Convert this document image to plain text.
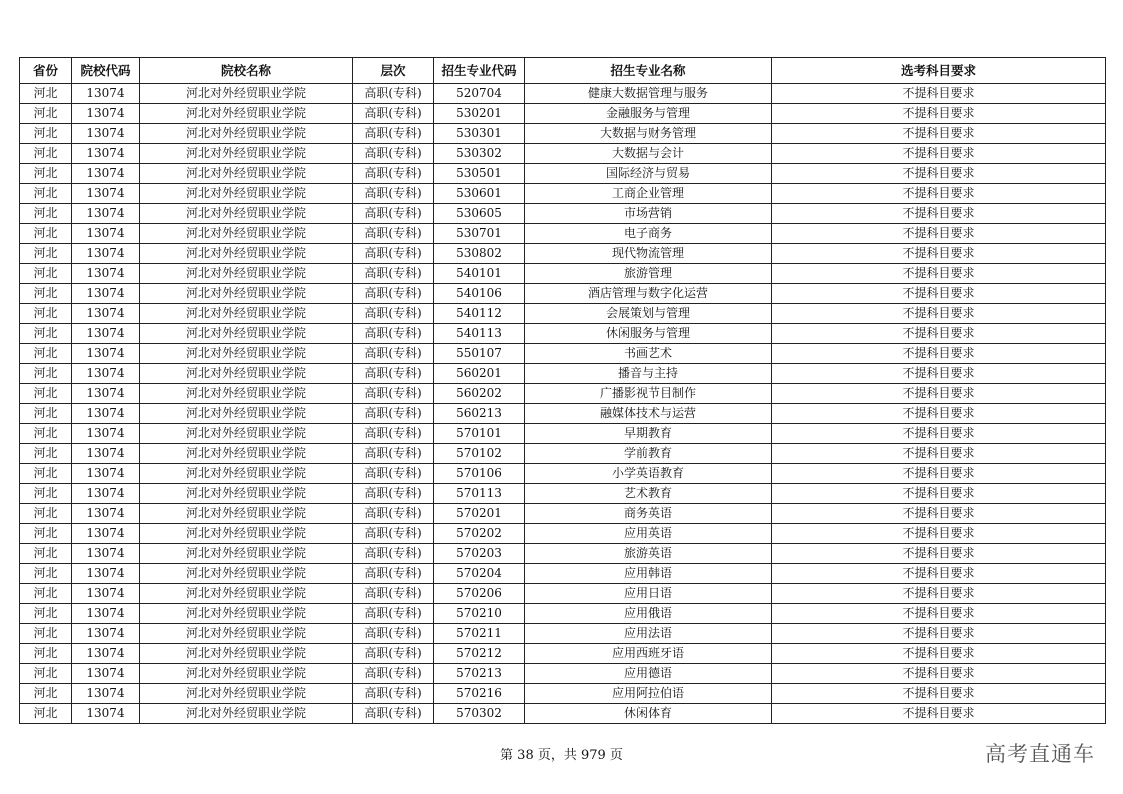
省份	院校代码	院校名称	层次	招生专业代码	招生专业名称	选考科目要求
河北	13074	河北对外经贸职业学院	高职(专科)	520704	健康大数据管理与服务	不提科目要求
河北	13074	河北对外经贸职业学院	高职(专科)	530201	金融服务与管理	不提科目要求
河北	13074	河北对外经贸职业学院	高职(专科)	530301	大数据与财务管理	不提科目要求
河北	13074	河北对外经贸职业学院	高职(专科)	530302	大数据与会计	不提科目要求
河北	13074	河北对外经贸职业学院	高职(专科)	530501	国际经济与贸易	不提科目要求
河北	13074	河北对外经贸职业学院	高职(专科)	530601	工商企业管理	不提科目要求
河北	13074	河北对外经贸职业学院	高职(专科)	530605	市场营销	不提科目要求
河北	13074	河北对外经贸职业学院	高职(专科)	530701	电子商务	不提科目要求
河北	13074	河北对外经贸职业学院	高职(专科)	530802	现代物流管理	不提科目要求
河北	13074	河北对外经贸职业学院	高职(专科)	540101	旅游管理	不提科目要求
河北	13074	河北对外经贸职业学院	高职(专科)	540106	酒店管理与数字化运营	不提科目要求
河北	13074	河北对外经贸职业学院	高职(专科)	540112	会展策划与管理	不提科目要求
河北	13074	河北对外经贸职业学院	高职(专科)	540113	休闲服务与管理	不提科目要求
河北	13074	河北对外经贸职业学院	高职(专科)	550107	书画艺术	不提科目要求
河北	13074	河北对外经贸职业学院	高职(专科)	560201	播音与主持	不提科目要求
河北	13074	河北对外经贸职业学院	高职(专科)	560202	广播影视节目制作	不提科目要求
河北	13074	河北对外经贸职业学院	高职(专科)	560213	融媒体技术与运营	不提科目要求
河北	13074	河北对外经贸职业学院	高职(专科)	570101	早期教育	不提科目要求
河北	13074	河北对外经贸职业学院	高职(专科)	570102	学前教育	不提科目要求
河北	13074	河北对外经贸职业学院	高职(专科)	570106	小学英语教育	不提科目要求
河北	13074	河北对外经贸职业学院	高职(专科)	570113	艺术教育	不提科目要求
河北	13074	河北对外经贸职业学院	高职(专科)	570201	商务英语	不提科目要求
河北	13074	河北对外经贸职业学院	高职(专科)	570202	应用英语	不提科目要求
河北	13074	河北对外经贸职业学院	高职(专科)	570203	旅游英语	不提科目要求
河北	13074	河北对外经贸职业学院	高职(专科)	570204	应用韩语	不提科目要求
河北	13074	河北对外经贸职业学院	高职(专科)	570206	应用日语	不提科目要求
河北	13074	河北对外经贸职业学院	高职(专科)	570210	应用俄语	不提科目要求
河北	13074	河北对外经贸职业学院	高职(专科)	570211	应用法语	不提科目要求
河北	13074	河北对外经贸职业学院	高职(专科)	570212	应用西班牙语	不提科目要求
河北	13074	河北对外经贸职业学院	高职(专科)	570213	应用德语	不提科目要求
河北	13074	河北对外经贸职业学院	高职(专科)	570216	应用阿拉伯语	不提科目要求
河北	13074	河北对外经贸职业学院	高职(专科)	570302	休闲体育	不提科目要求
第 38 页，共 979 页	高考直通车
